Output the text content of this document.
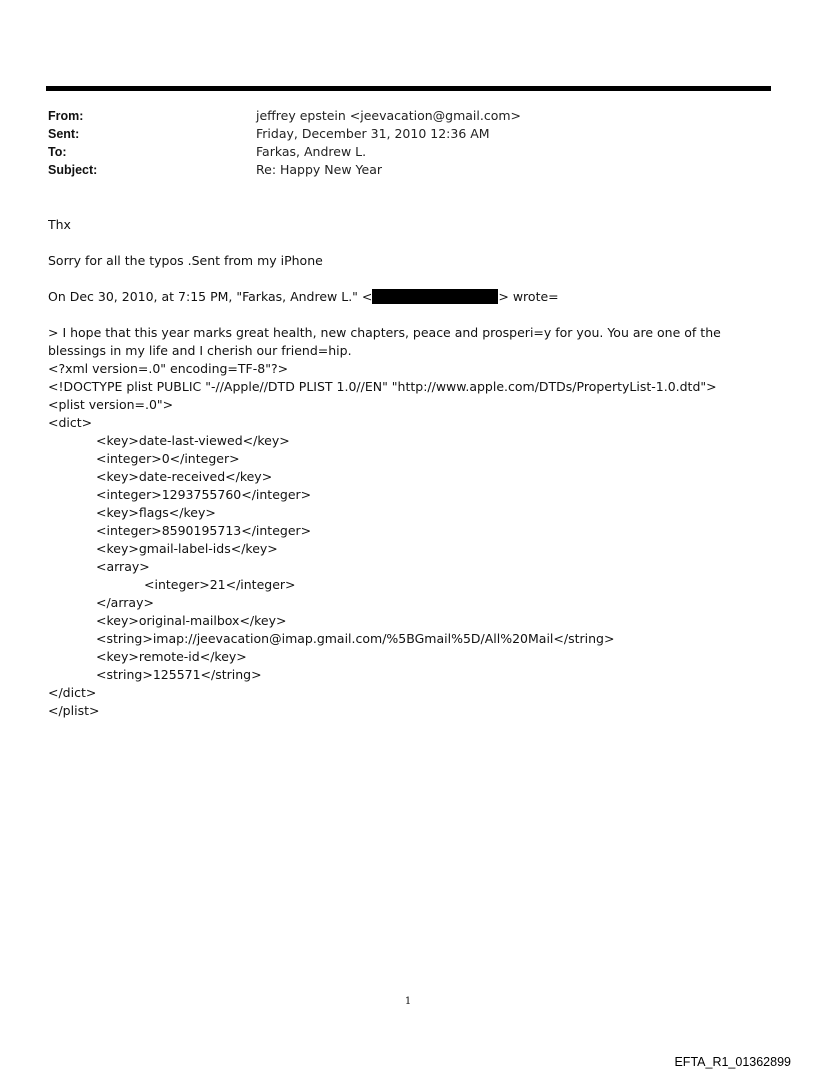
From:	jeffrey epstein <jeevacation@gmail.com>
Sent:	Friday, December 31, 2010 12:36 AM
To:	Farkas, Andrew L.
Subject:	Re: Happy New Year
Thx
Sorry for all the typos .Sent from my iPhone
On Dec 30, 2010, at 7:15 PM, "Farkas, Andrew L." <	> wrote=
> I hope that this year marks great health, new chapters, peace and prosperi=y for you. You are one of the blessings in my life and I cherish our friend=hip.
<?xml version=.0" encoding=TF-8"?>
<!DOCTYPE plist PUBLIC "-//Apple//DTD PLIST 1.0//EN" "http://www.apple.com/DTDs/PropertyList-1.0.dtd">
<plist version=.0">
<dict>
<key>date-last-viewed</key>
<integer>0</integer>
<key>date-received</key>
<integer>1293755760</integer>
<key>flags</key>
<integer>8590195713</integer>
<key>gmail-label-ids</key>
<array>
<integer>21</integer>
</array>
<key>original-mailbox</key>
<string>imap://jeevacation@imap.gmail.com/%5BGmail%5D/All%20Mail</string>
<key>remote-id</key>
<string>125571</string>
</dict>
</plist>
1
EFTA_R1_01362899
